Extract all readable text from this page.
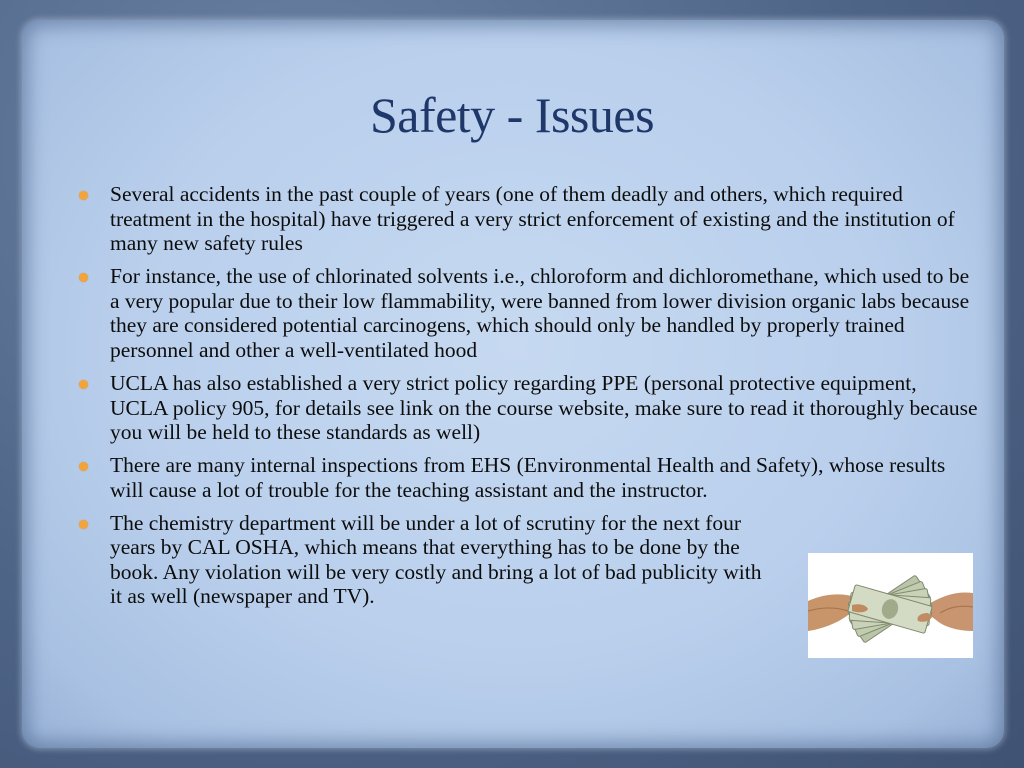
Safety - Issues
Several accidents in the past couple of years (one of them deadly and others, which required treatment in the hospital) have triggered a very strict enforcement of existing and the institution of many new safety rules
For instance, the use of chlorinated solvents i.e., chloroform and dichloromethane, which used to be a very popular due to their low flammability, were banned from lower division organic labs because they are considered potential carcinogens, which should only be handled by properly trained personnel and other a well-ventilated hood
UCLA has also established a very strict policy regarding PPE (personal protective equipment, UCLA policy 905, for details see link on the course website, make sure to read it thoroughly because you will be held to these standards as well)
There are many internal inspections from EHS (Environmental Health and Safety), whose results will cause a lot of trouble for the teaching assistant and the instructor.
The chemistry department will be under a lot of scrutiny for the next four years by CAL OSHA, which means that everything has to be done by the book. Any violation will be very costly and bring a lot of bad publicity with it as well (newspaper and TV).
